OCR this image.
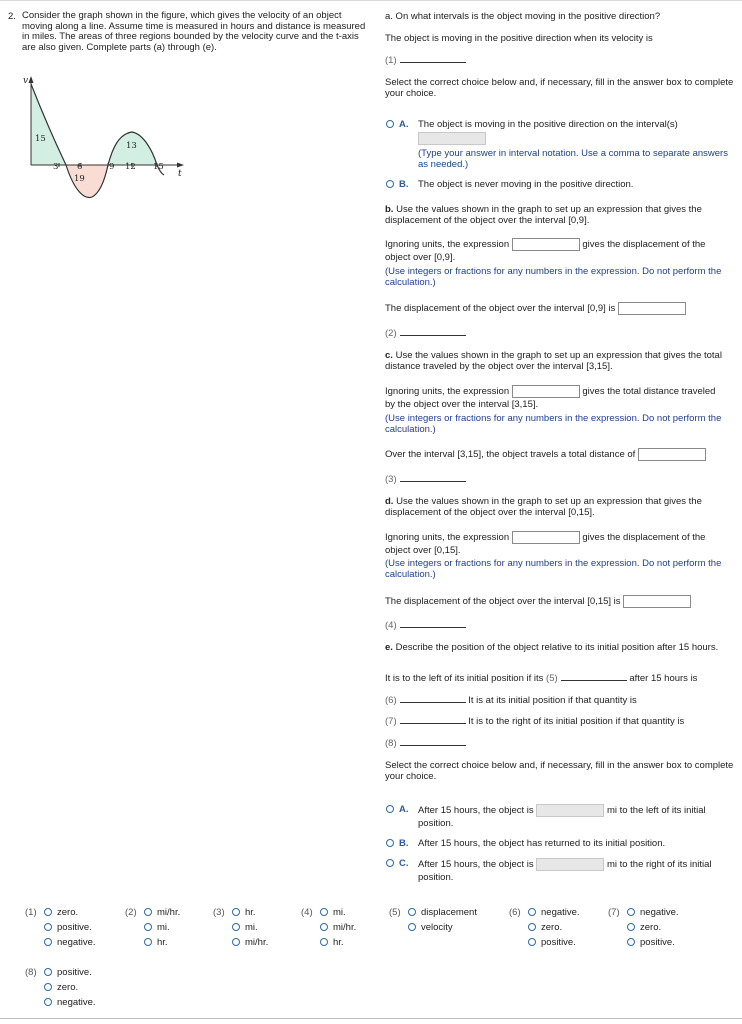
2. Consider the graph shown in the figure, which gives the velocity of an object moving along a line. Assume time is measured in hours and distance is measured in miles. The areas of three regions bounded by the velocity curve and the t-axis are also given. Complete parts (a) through (e).
v
t
15
13
19
3 6	9 12 15
a. On what intervals is the object moving in the positive direction?
The object is moving in the positive direction when its velocity is
(1)
Select the correct choice below and, if necessary, fill in the answer box to complete your choice.
A. The object is moving in the positive direction on the interval(s)
(Type your answer in interval notation. Use a comma to separate answers as needed.)
B. The object is never moving in the positive direction.
b. Use the values shown in the graph to set up an expression that gives the displacement of the object over the interval [0,9].
Ignoring units, the expression	gives the displacement of the
object over [0,9].
(Use integers or fractions for any numbers in the expression. Do not perform the calculation.)
The displacement of the object over the interval [0,9] is
(2)
c. Use the values shown in the graph to set up an expression that gives the total distance traveled by the object over the interval [3,15].
Ignoring units, the expression	gives the total distance traveled
by the object over the interval [3,15].
(Use integers or fractions for any numbers in the expression. Do not perform the calculation.)
Over the interval [3,15], the object travels a total distance of
(3)
d. Use the values shown in the graph to set up an expression that gives the displacement of the object over the interval [0,15].
Ignoring units, the expression	gives the displacement of the
object over [0,15].
(Use integers or fractions for any numbers in the expression. Do not perform the calculation.)
The displacement of the object over the interval [0,15] is
(4)
e. Describe the position of the object relative to its initial position after 15 hours.
It is to the left of its initial position if its (5)	after 15 hours is
(6)	It is at its initial position if that quantity is
(7)	It is to the right of its initial position if that quantity is
(8)
Select the correct choice below and, if necessary, fill in the answer box to complete your choice.
A. After 15 hours, the object is	mi to the left of its initial
position.
B. After 15 hours, the object has returned to its initial position.
C. After 15 hours, the object is	mi to the right of its initial
position.
(1)	zero.
positive.
negative.
(2)	mi/hr.
mi.
hr.
(3)	hr.
mi.
mi/hr.
(4)	mi.
mi/hr.
hr.
(5)	displacement
velocity
(6)	negative.
zero.
positive.
(7)	negative.
zero.
positive.
(8)	positive.
zero.
negative.
